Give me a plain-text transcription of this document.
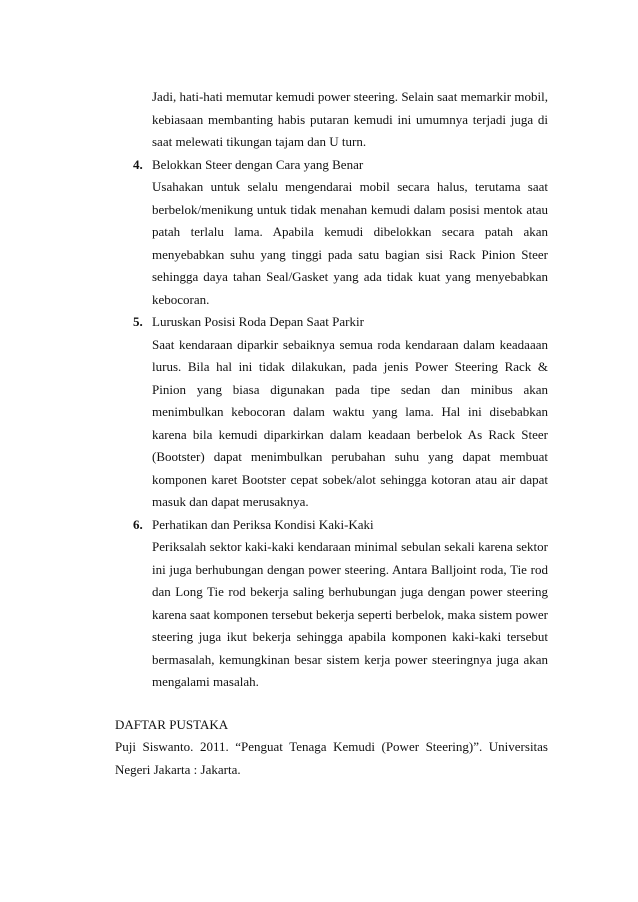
Jadi, hati-hati memutar kemudi power steering. Selain saat memarkir mobil, kebiasaan membanting habis putaran kemudi ini umumnya terjadi juga di saat melewati tikungan tajam dan U turn.

4. Belokkan Steer dengan Cara yang Benar

Usahakan untuk selalu mengendarai mobil secara halus, terutama saat berbelok/menikung untuk tidak menahan kemudi dalam posisi mentok atau patah terlalu lama. Apabila kemudi dibelokkan secara patah akan menyebabkan suhu yang tinggi pada satu bagian sisi Rack Pinion Steer sehingga daya tahan Seal/Gasket yang ada tidak kuat yang menyebabkan kebocoran.

5. Luruskan Posisi Roda Depan Saat Parkir

Saat kendaraan diparkir sebaiknya semua roda kendaraan dalam keadaaan lurus. Bila hal ini tidak dilakukan, pada jenis Power Steering Rack & Pinion yang biasa digunakan pada tipe sedan dan minibus akan menimbulkan kebocoran dalam waktu yang lama. Hal ini disebabkan karena bila kemudi diparkirkan dalam keadaan berbelok As Rack Steer (Bootster) dapat menimbulkan perubahan suhu yang dapat membuat komponen karet Bootster cepat sobek/alot sehingga kotoran atau air dapat masuk dan dapat merusaknya.

6. Perhatikan dan Periksa Kondisi Kaki-Kaki

Periksalah sektor kaki-kaki kendaraan minimal sebulan sekali karena sektor ini juga berhubungan dengan power steering. Antara Balljoint roda, Tie rod dan Long Tie rod bekerja saling berhubungan juga dengan power steering karena saat komponen tersebut bekerja seperti berbelok, maka sistem power steering juga ikut bekerja sehingga apabila komponen kaki-kaki tersebut bermasalah, kemungkinan besar sistem kerja power steeringnya juga akan mengalami masalah.

DAFTAR PUSTAKA

Puji Siswanto. 2011. “Penguat Tenaga Kemudi (Power Steering)”. Universitas Negeri Jakarta : Jakarta.
